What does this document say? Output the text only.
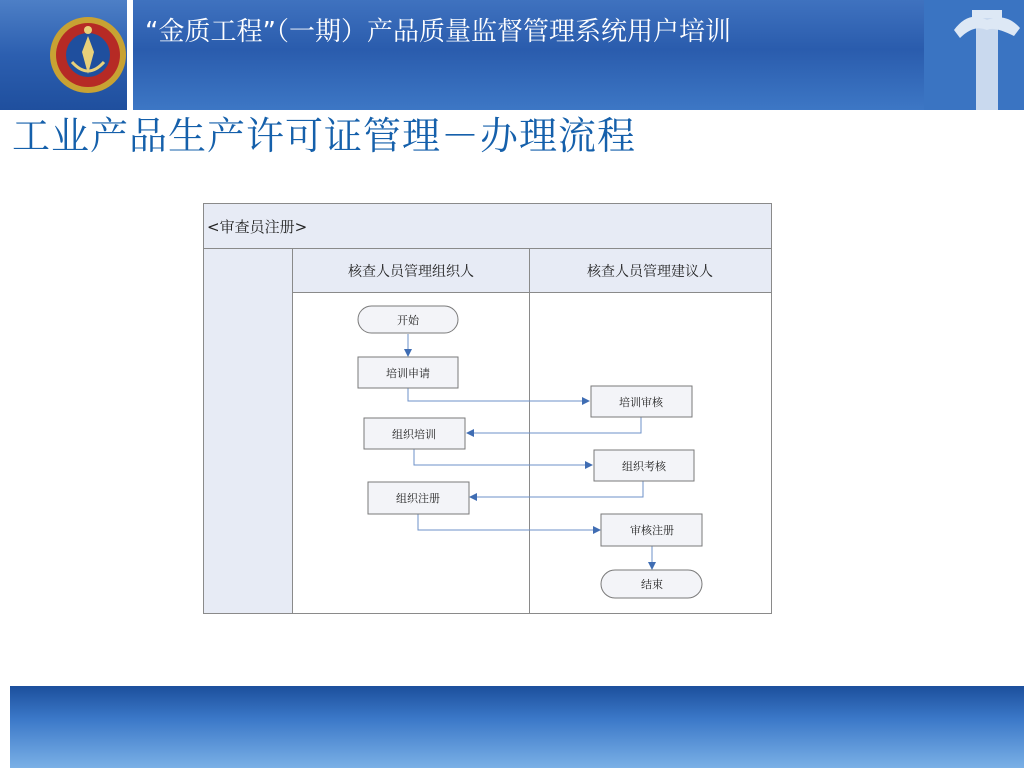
“金质工程”（一期）产品质量监督管理系统用户培训
工业产品生产许可证管理－办理流程
<审查员注册>
核查人员管理组织人	核查人员管理建议人
开始
培训申请
培训审核
组织培训
组织考核
组织注册
审核注册
结束
